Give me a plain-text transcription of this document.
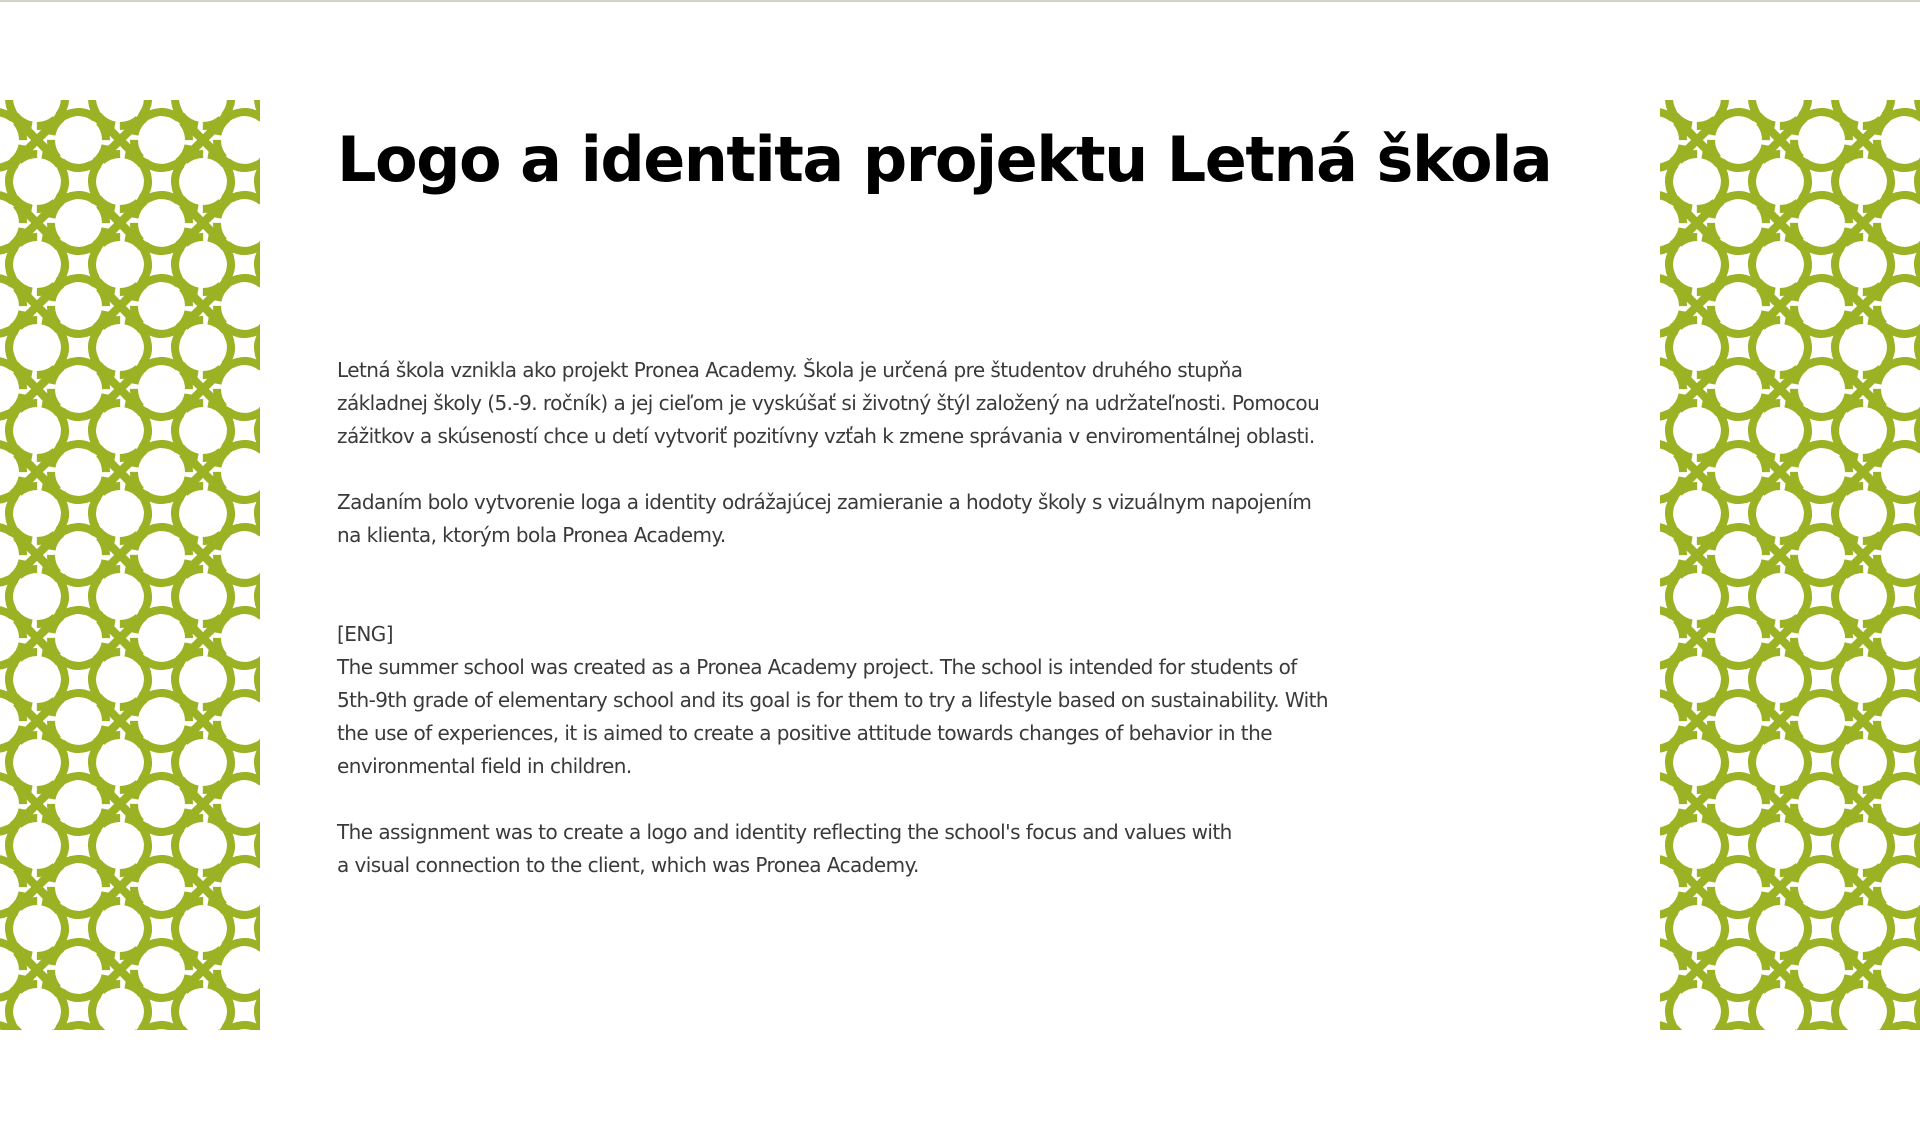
Logo a identita projektu Letná škola

Letná škola vznikla ako projekt Pronea Academy. Škola je určená pre študentov druhého stupňa
základnej školy (5.-9. ročník) a jej cieľom je vyskúšať si životný štýl založený na udržateľnosti. Pomocou
zážitkov a skúseností chce u detí vytvoriť pozitívny vzťah k zmene správania v enviromentálnej oblasti.

Zadaním bolo vytvorenie loga a identity odrážajúcej zamieranie a hodoty školy s vizuálnym napojením
na klienta, ktorým bola Pronea Academy.

[ENG]
The summer school was created as a Pronea Academy project. The school is intended for students of
5th-9th grade of elementary school and its goal is for them to try a lifestyle based on sustainability. With
the use of experiences, it is aimed to create a positive attitude towards changes of behavior in the
environmental field in children.

The assignment was to create a logo and identity reflecting the school's focus and values with
a visual connection to the client, which was Pronea Academy.
